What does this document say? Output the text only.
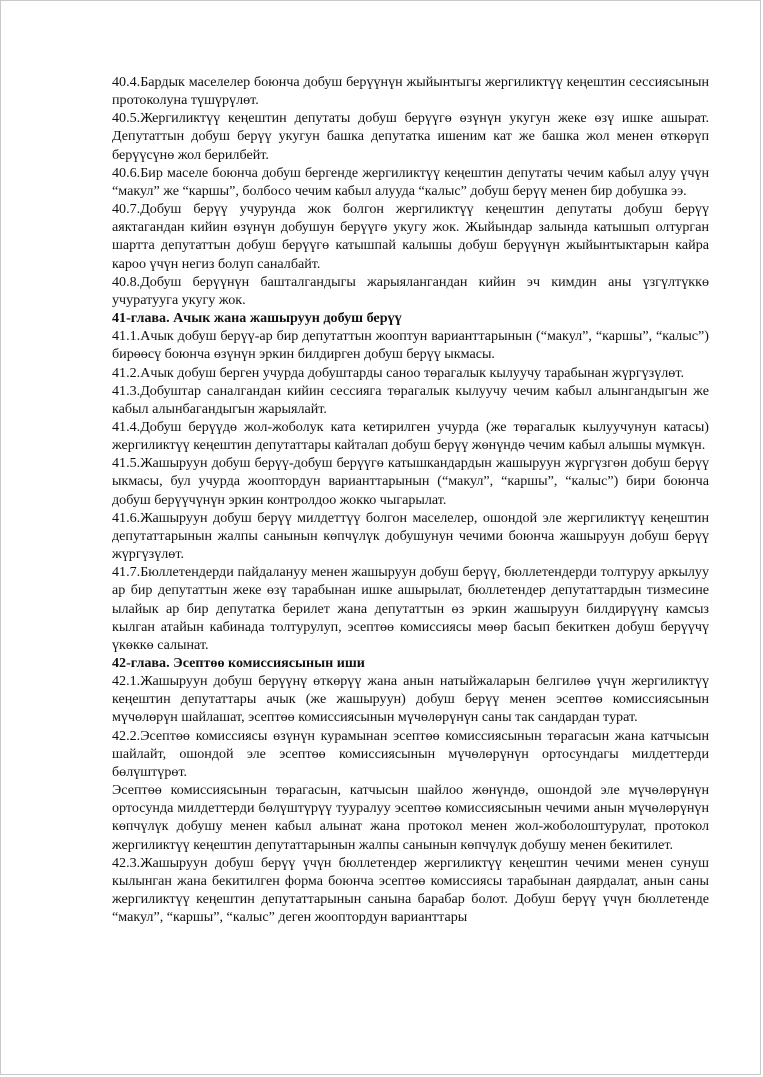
40.4.Бардык маселелер боюнча добуш берүүнүн жыйынтыгы жергиликтүү кеңештин сессиясынын протоколуна түшүрүлөт.

40.5.Жергиликтүү кеңештин депутаты добуш берүүгө өзүнүн укугун жеке өзү ишке ашырат. Депутаттын добуш берүү укугун башка депутатка ишеним кат же башка жол менен өткөрүп берүүсүнө жол берилбейт.

40.6.Бир маселе боюнча добуш бергенде жергиликтүү кеңештин депутаты чечим кабыл алуу үчүн “макул” же “каршы”, болбосо чечим кабыл алууда “калыс” добуш берүү менен бир добушка ээ.

40.7.Добуш берүү учурунда жок болгон жергиликтүү кеңештин депутаты добуш берүү аяктагандан кийин өзүнүн добушун берүүгө укугу жок. Жыйындар залында катышып олтурган шартта депутаттын добуш берүүгө катышпай калышы добуш берүүнүн жыйынтыктарын кайра кароо үчүн негиз болуп саналбайт.

40.8.Добуш берүүнүн башталгандыгы жарыялангандан кийин эч кимдин аны үзгүлтүккө учуратууга укугу жок.

41-глава. Ачык жана жашыруун добуш берүү

41.1.Ачык добуш берүү-ар бир депутаттын жооптун варианттарынын (“макул”, “каршы”, “калыс”) бирөөсү боюнча өзүнүн эркин билдирген добуш берүү ыкмасы.

41.2.Ачык добуш берген учурда добуштарды саноо төрагалык кылуучу тарабынан жүргүзүлөт.

41.3.Добуштар саналгандан кийин сессияга төрагалык кылуучу чечим кабыл алынгандыгын же кабыл алынбагандыгын жарыялайт.

41.4.Добуш берүүдө жол-жоболук ката кетирилген учурда (же төрагалык кылуучунун катасы) жергиликтүү кеңештин депутаттары кайталап добуш берүү жөнүндө чечим кабыл алышы мүмкүн.

41.5.Жашыруун добуш берүү-добуш берүүгө катышкандардын жашыруун жүргүзгөн добуш берүү ыкмасы, бул учурда жооптордун варианттарынын (“макул”, “каршы”, “калыс”) бири боюнча добуш берүүчүнүн эркин контролдоо жокко чыгарылат.

41.6.Жашыруун добуш берүү милдеттүү болгон маселелер, ошондой эле жергиликтүү кеңештин депутаттарынын жалпы санынын көпчүлүк добушунун чечими боюнча жашыруун добуш берүү жүргүзүлөт.

41.7.Бюллетендерди пайдалануу менен жашыруун добуш берүү, бюллетендерди толтуруу аркылуу ар бир депутаттын жеке өзү тарабынан ишке ашырылат, бюллетендер депутаттардын тизмесине ылайык ар бир депутатка берилет жана депутаттын өз эркин жашыруун билдирүүнү камсыз кылган атайын кабинада толтурулуп, эсептөө комиссиясы мөөр басып бекиткен добуш берүүчү үкөккө салынат.

42-глава. Эсептөө комиссиясынын иши

42.1.Жашыруун добуш берүүнү өткөрүү жана анын натыйжаларын белгилөө үчүн жергиликтүү кеңештин депутаттары ачык (же жашыруун) добуш берүү менен эсептөө комиссиясынын мүчөлөрүн шайлашат, эсептөө комиссиясынын мүчөлөрүнүн саны так сандардан турат.

42.2.Эсептөө комиссиясы өзүнүн курамынан эсептөө комиссиясынын төрагасын жана катчысын шайлайт, ошондой эле эсептөө комиссиясынын мүчөлөрүнүн ортосундагы милдеттерди бөлүштүрөт.

Эсептөө комиссиясынын төрагасын, катчысын шайлоо жөнүндө, ошондой эле мүчөлөрүнүн ортосунда милдеттерди бөлүштүрүү тууралуу эсептөө комиссиясынын чечими анын мүчөлөрүнүн көпчүлүк добушу менен кабыл алынат жана протокол менен жол-жоболоштурулат, протокол жергиликтүү кеңештин депутаттарынын жалпы санынын көпчүлүк добушу менен бекитилет.

42.3.Жашыруун добуш берүү үчүн бюллетендер жергиликтүү кеңештин чечими менен сунуш кылынган жана бекитилген форма боюнча эсептөө комиссиясы тарабынан даярдалат, анын саны жергиликтүү кеңештин депутаттарынын санына барабар болот. Добуш берүү үчүн бюллетенде “макул”, “каршы”, “калыс” деген жооптордун варианттары
